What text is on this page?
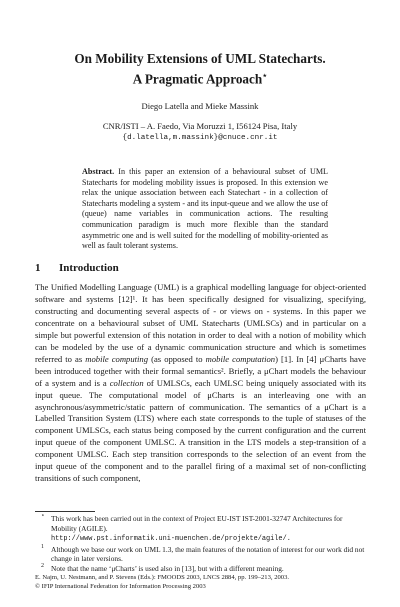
On Mobility Extensions of UML Statecharts.
A Pragmatic Approach⋆
Diego Latella and Mieke Massink
CNR/ISTI – A. Faedo, Via Moruzzi 1, I56124 Pisa, Italy
{d.latella,m.massink}@cnuce.cnr.it
Abstract. In this paper an extension of a behavioural subset of UML Statecharts for modeling mobility issues is proposed. In this extension we relax the unique association between each Statechart - in a collection of Statecharts modeling a system - and its input-queue and we allow the use of (queue) name variables in communication actions. The resulting communication paradigm is much more flexible than the standard asymmetric one and is well suited for the modelling of mobility-oriented as well as fault tolerant systems.
1 Introduction

The Unified Modelling Language (UML) is a graphical modelling language for object-oriented software and systems [12]¹. It has been specifically designed for visualizing, specifying, constructing and documenting several aspects of - or views on - systems. In this paper we concentrate on a behavioural subset of UML Statecharts (UMLSCs) and in particular on a simple but powerful extension of this notation in order to deal with a notion of mobility which can be modeled by the use of a dynamic communication structure and which is sometimes referred to as mobile computing (as opposed to mobile computation) [1]. In [4] μCharts have been introduced together with their formal semantics². Briefly, a μChart models the behaviour of a system and is a collection of UMLSCs, each UMLSC being uniquely associated with its input queue. The computational model of μCharts is an interleaving one with an asynchronous/asymmetric/static pattern of communication. The semantics of a μChart is a Labelled Transition System (LTS) where each state corresponds to the tuple of statuses of the component UMLSCs, each status being composed by the current configuration and the current input queue of the component UMLSC. A transition in the LTS models a step-transition of a component UMLSC. Each step transition corresponds to the selection of an event from the input queue of the component and to the parallel firing of a maximal set of non-conflicting transitions of such component,

⋆ This work has been carried out in the context of Project EU-IST IST-2001-32747 Architectures for Mobility (AGILE).
http://www.pst.informatik.uni-muenchen.de/projekte/agile/.

1 Although we base our work on UML 1.3, the main features of the notation of interest for our work did not change in later versions.

2 Note that the name ‘μCharts’ is used also in [13], but with a different meaning.

E. Najm, U. Nestmann, and P. Stevens (Eds.): FMOODS 2003, LNCS 2884, pp. 199–213, 2003.
© IFIP International Federation for Information Processing 2003
